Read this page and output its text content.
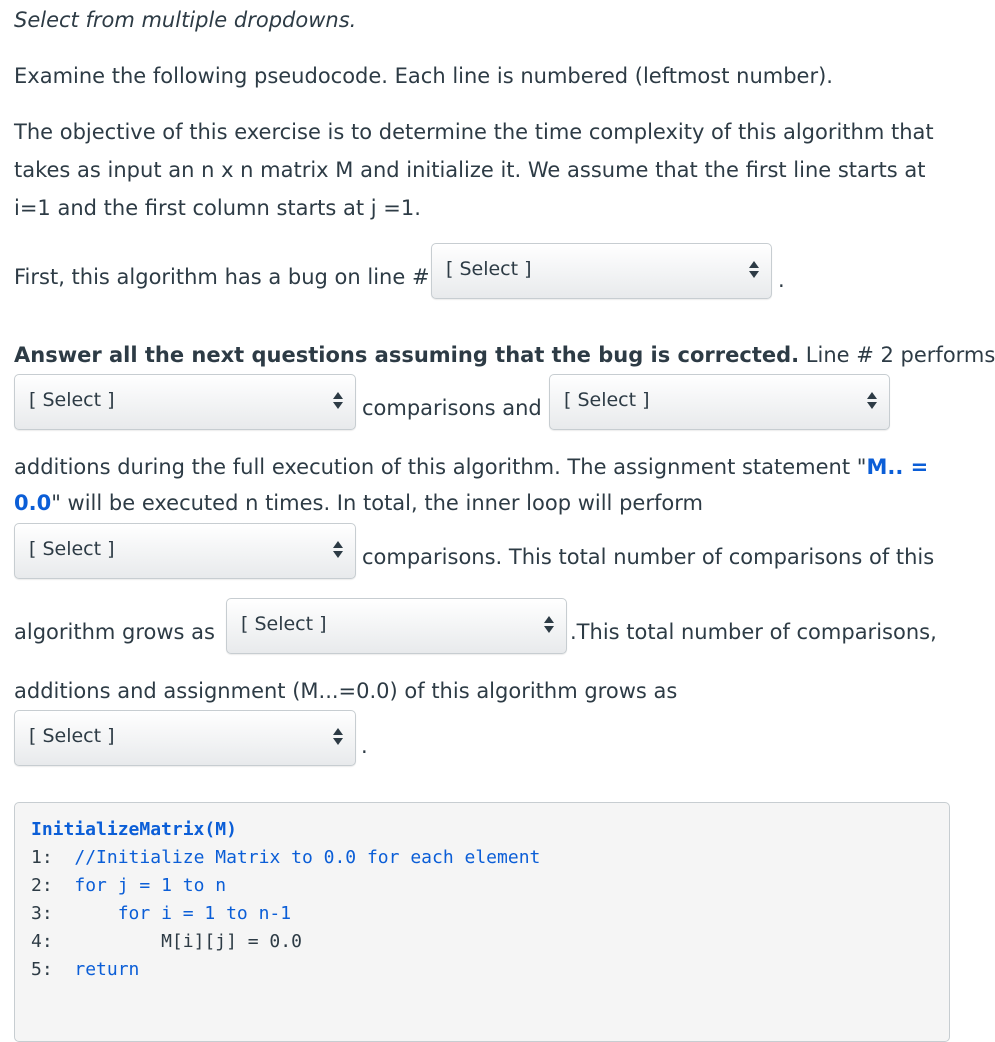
Select from multiple dropdowns.

Examine the following pseudocode. Each line is numbered (leftmost number).

The objective of this exercise is to determine the time complexity of this algorithm that

takes as input an n x n matrix M and initialize it. We assume that the first line starts at

i=1 and the first column starts at j =1.

First, this algorithm has a bug on line # [ Select ]	.

Answer all the next questions assuming that the bug is corrected. Line # 2 performs

[ Select ]	comparisons and [ Select ]

additions during the full execution of this algorithm. The assignment statement "M.. =

0.0" will be executed n times. In total, the inner loop will perform

[ Select ]	comparisons. This total number of comparisons of this

algorithm grows as [ Select ]	.This total number of comparisons,

additions and assignment (M...=0.0) of this algorithm grows as

[ Select ]	.

InitializeMatrix(M)
1: //Initialize Matrix to 0.0 for each element
2: for j = 1 to n
3:	for i = 1 to n-1
4:	M[i][j] = 0.0
5: return
